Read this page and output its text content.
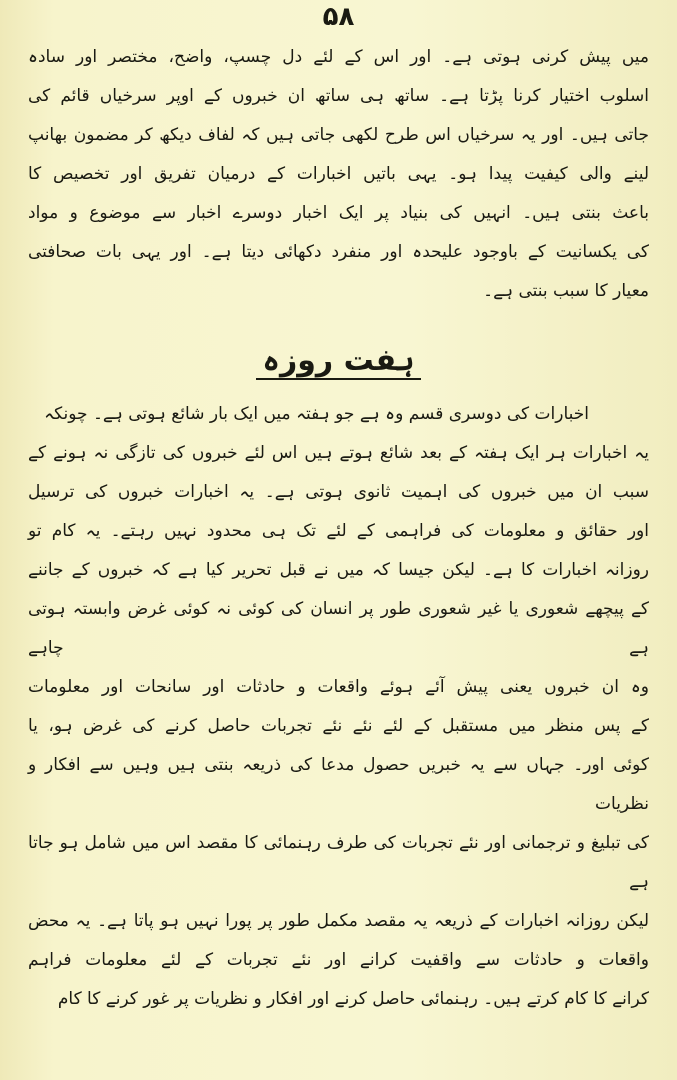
۵۸
میں پیش کرنی ہوتی ہے۔ اور اس کے لئے دل چسپ، واضح، مختصر اور سادہ
اسلوب اختیار کرنا پڑتا ہے۔ ساتھ ہی ساتھ ان خبروں کے اوپر سرخیاں قائم کی
جاتی ہیں۔ اور یہ سرخیاں اس طرح لکھی جاتی ہیں کہ لفاف دیکھ کر مضمون بھانپ
لینے والی کیفیت پیدا ہو۔ یہی باتیں اخبارات کے درمیان تفریق اور تخصیص کا
باعث بنتی ہیں۔ انہیں کی بنیاد پر ایک اخبار دوسرے اخبار سے موضوع و مواد
کی یکسانیت کے باوجود علیحدہ اور منفرد دکھائی دیتا ہے۔ اور یہی بات صحافتی
معیار کا سبب بنتی ہے۔
ہفت روزہ
اخبارات کی دوسری قسم وہ ہے جو ہفتہ میں ایک بار شائع ہوتی ہے۔ چونکہ
یہ اخبارات ہر ایک ہفتہ کے بعد شائع ہوتے ہیں اس لئے خبروں کی تازگی نہ ہونے کے
سبب ان میں خبروں کی اہمیت ثانوی ہوتی ہے۔ یہ اخبارات خبروں کی ترسیل
اور حقائق و معلومات کی فراہمی کے لئے تک ہی محدود نہیں رہتے۔ یہ کام تو
روزانہ اخبارات کا ہے۔ لیکن جیسا کہ میں نے قبل تحریر کیا ہے کہ خبروں کے جاننے
کے پیچھے شعوری یا غیر شعوری طور پر انسان کی کوئی نہ کوئی غرض وابستہ ہوتی ہے چاہے
وہ ان خبروں یعنی پیش آئے ہوئے واقعات و حادثات اور سانحات اور معلومات
کے پس منظر میں مستقبل کے لئے نئے نئے تجربات حاصل کرنے کی غرض ہو، یا
کوئی اور۔ جہاں سے یہ خبریں حصول مدعا کی ذریعہ بنتی ہیں وہیں سے افکار و نظریات
کی تبلیغ و ترجمانی اور نئے تجربات کی طرف رہنمائی کا مقصد اس میں شامل ہو جاتا ہے
لیکن روزانہ اخبارات کے ذریعہ یہ مقصد مکمل طور پر پورا نہیں ہو پاتا ہے۔ یہ محض
واقعات و حادثات سے واقفیت کرانے اور نئے تجربات کے لئے معلومات فراہم
کرانے کا کام کرتے ہیں۔ رہنمائی حاصل کرنے اور افکار و نظریات پر غور کرنے کا کام
